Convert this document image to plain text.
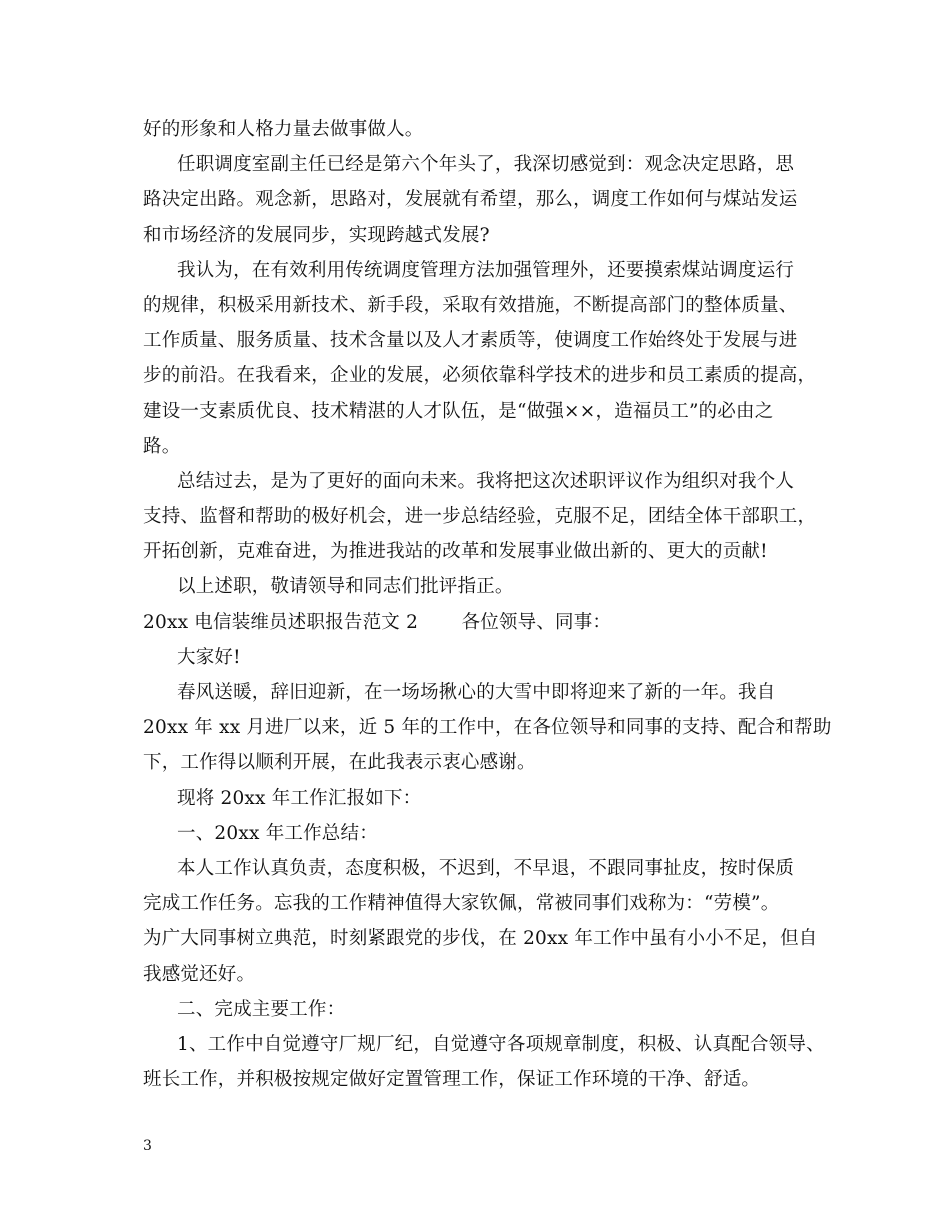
好的形象和人格力量去做事做人。
任职调度室副主任已经是第六个年头了，我深切感觉到：观念决定思路，思
路决定出路。观念新，思路对，发展就有希望，那么，调度工作如何与煤站发运
和市场经济的发展同步，实现跨越式发展?
我认为，在有效利用传统调度管理方法加强管理外，还要摸索煤站调度运行
的规律，积极采用新技术、新手段，采取有效措施，不断提高部门的整体质量、
工作质量、服务质量、技术含量以及人才素质等，使调度工作始终处于发展与进
步的前沿。在我看来，企业的发展，必须依靠科学技术的进步和员工素质的提高，
建设一支素质优良、技术精湛的人才队伍，是“做强××，造福员工”的必由之
路。
总结过去，是为了更好的面向未来。我将把这次述职评议作为组织对我个人
支持、监督和帮助的极好机会，进一步总结经验，克服不足，团结全体干部职工，
开拓创新，克难奋进，为推进我站的改革和发展事业做出新的、更大的贡献!
以上述职，敬请领导和同志们批评指正。
20xx 电信装维员述职报告范文 2　　 各位领导、同事：
大家好!
春风送暖，辞旧迎新，在一场场揪心的大雪中即将迎来了新的一年。我自
20xx 年 xx 月进厂以来，近 5 年的工作中，在各位领导和同事的支持、配合和帮助
下，工作得以顺利开展，在此我表示衷心感谢。
现将 20xx 年工作汇报如下：
一、20xx 年工作总结：
本人工作认真负责，态度积极，不迟到，不早退，不跟同事扯皮，按时保质
完成工作任务。忘我的工作精神值得大家钦佩，常被同事们戏称为：“劳模”。
为广大同事树立典范，时刻紧跟党的步伐，在 20xx 年工作中虽有小小不足，但自
我感觉还好。
二、完成主要工作：
1、工作中自觉遵守厂规厂纪，自觉遵守各项规章制度，积极、认真配合领导、
班长工作，并积极按规定做好定置管理工作，保证工作环境的干净、舒适。
3
